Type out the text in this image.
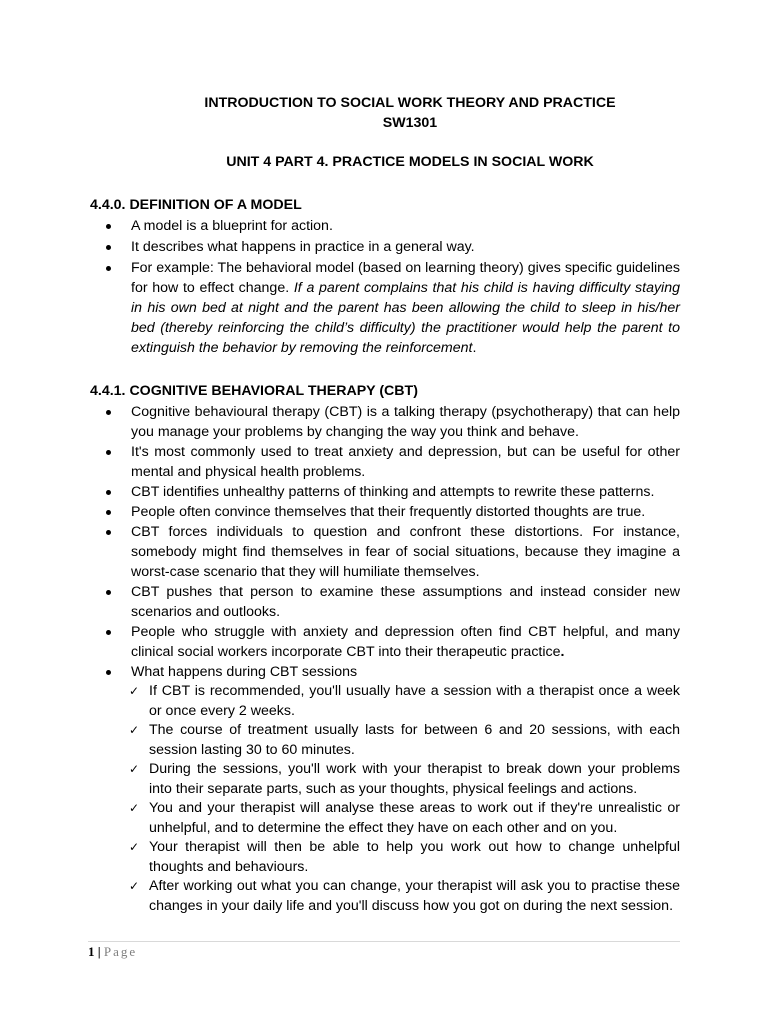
INTRODUCTION TO SOCIAL WORK THEORY AND PRACTICE
SW1301
UNIT 4 PART 4. PRACTICE MODELS IN SOCIAL WORK
4.4.0. DEFINITION OF A MODEL
A model is a blueprint for action.
It describes what happens in practice in a general way.
For example: The behavioral model (based on learning theory) gives specific guidelines for how to effect change. If a parent complains that his child is having difficulty staying in his own bed at night and the parent has been allowing the child to sleep in his/her bed (thereby reinforcing the child’s difficulty) the practitioner would help the parent to extinguish the behavior by removing the reinforcement.
4.4.1. COGNITIVE BEHAVIORAL THERAPY (CBT)
Cognitive behavioural therapy (CBT) is a talking therapy (psychotherapy) that can help you manage your problems by changing the way you think and behave.
It's most commonly used to treat anxiety and depression, but can be useful for other mental and physical health problems.
CBT identifies unhealthy patterns of thinking and attempts to rewrite these patterns.
People often convince themselves that their frequently distorted thoughts are true.
CBT forces individuals to question and confront these distortions. For instance, somebody might find themselves in fear of social situations, because they imagine a worst-case scenario that they will humiliate themselves.
CBT pushes that person to examine these assumptions and instead consider new scenarios and outlooks.
People who struggle with anxiety and depression often find CBT helpful, and many clinical social workers incorporate CBT into their therapeutic practice.
What happens during CBT sessions
✓ If CBT is recommended, you'll usually have a session with a therapist once a week or once every 2 weeks.
✓ The course of treatment usually lasts for between 6 and 20 sessions, with each session lasting 30 to 60 minutes.
✓ During the sessions, you'll work with your therapist to break down your problems into their separate parts, such as your thoughts, physical feelings and actions.
✓ You and your therapist will analyse these areas to work out if they're unrealistic or unhelpful, and to determine the effect they have on each other and on you.
✓ Your therapist will then be able to help you work out how to change unhelpful thoughts and behaviours.
✓ After working out what you can change, your therapist will ask you to practise these changes in your daily life and you'll discuss how you got on during the next session.
1 | Page
